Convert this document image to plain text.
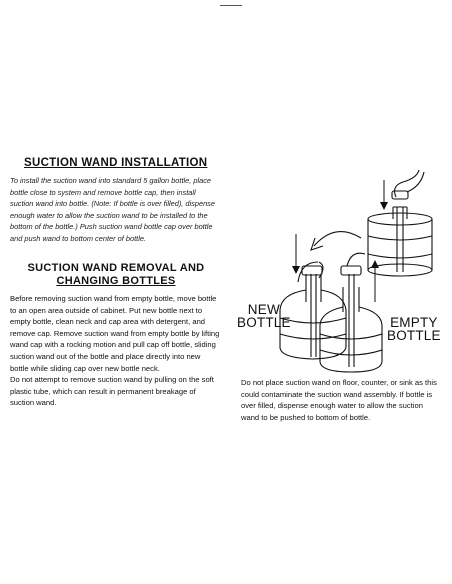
SUCTION WAND INSTALLATION
To install the suction wand into standard 5 gallon bottle, place bottle close to system and remove bottle cap, then install suction wand into bottle. (Note: If bottle is over filled), dispense enough water to allow the suction wand to be installed to the bottom of the bottle.) Push suction wand bottle cap over bottle and push wand to bottom center of bottle.
SUCTION WAND REMOVAL AND
CHANGING BOTTLES
Before removing suction wand from empty bottle, move bottle to an open area outside of cabinet. Put new bottle next to empty bottle, clean neck and cap area with detergent, and remove cap. Remove suction wand from empty bottle by lifting wand cap with a rocking motion and pull cap off bottle, sliding suction wand out of the bottle and place directly into new bottle while sliding cap over new bottle neck.
Do not attempt to remove suction wand by pulling on the soft plastic tube, which can result in permanent breakage of suction wand.
NEW
BOTTLE	EMPTY
BOTTLE
Do not place suction wand on floor, counter, or sink as this could contaminate the suction wand assembly. If bottle is over filled, dispense enough water to allow the suction wand to be pushed to bottom of bottle.
